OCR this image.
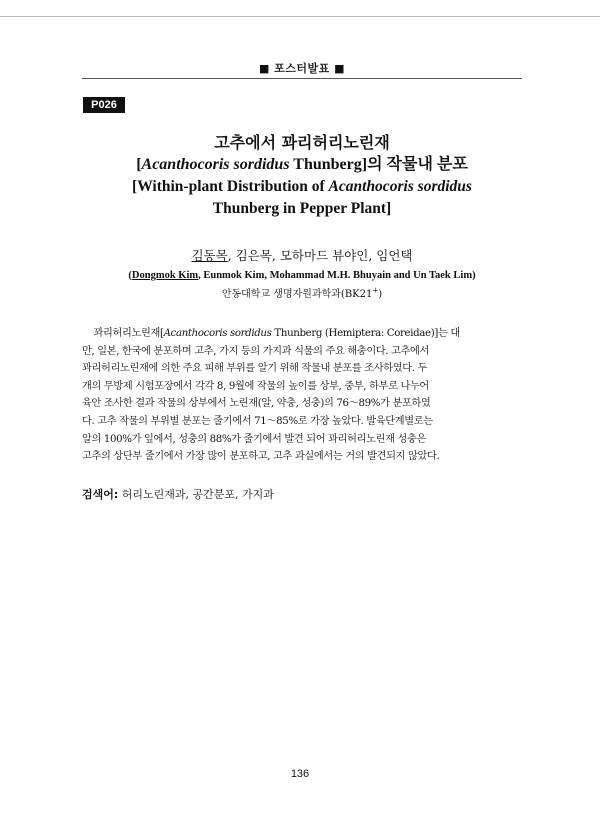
■ 포스터발표 ■
P026
고추에서 꽈리허리노린재
[Acanthocoris sordidus Thunberg]의 작물내 분포
[Within-plant Distribution of Acanthocoris sordidus
Thunberg in Pepper Plant]
김동목, 김은목, 모하마드 뷰야인, 임언택
(Dongmok Kim, Eunmok Kim, Mohammad M.H. Bhuyain and Un Taek Lim)
안동대학교 생명자원과학과(BK21+)
꽈리허리노린재[Acanthocoris sordidus Thunberg (Hemiptera: Coreidae)]는 대
만, 일본, 한국에 분포하며 고추, 가지 등의 가지과 식물의 주요 해충이다. 고추에서
꽈리허리노린재에 의한 주요 피해 부위를 알기 위해 작물내 분포를 조사하였다. 두
개의 무방제 시험포장에서 각각 8, 9월에 작물의 높이를 상부, 중부, 하부로 나누어
육안 조사한 결과 작물의 상부에서 노린재(알, 약충, 성충)의 76～89%가 분포하였
다. 고추 작물의 부위별 분포는 줄기에서 71～85%로 가장 높았다. 발육단계별로는
알의 100%가 잎에서, 성충의 88%가 줄기에서 발견 되어 꽈리허리노린재 성충은
고추의 상단부 줄기에서 가장 많이 분포하고, 고추 과실에서는 거의 발견되지 않았다.
검색어: 허리노린재과, 공간분포, 가지과
136
